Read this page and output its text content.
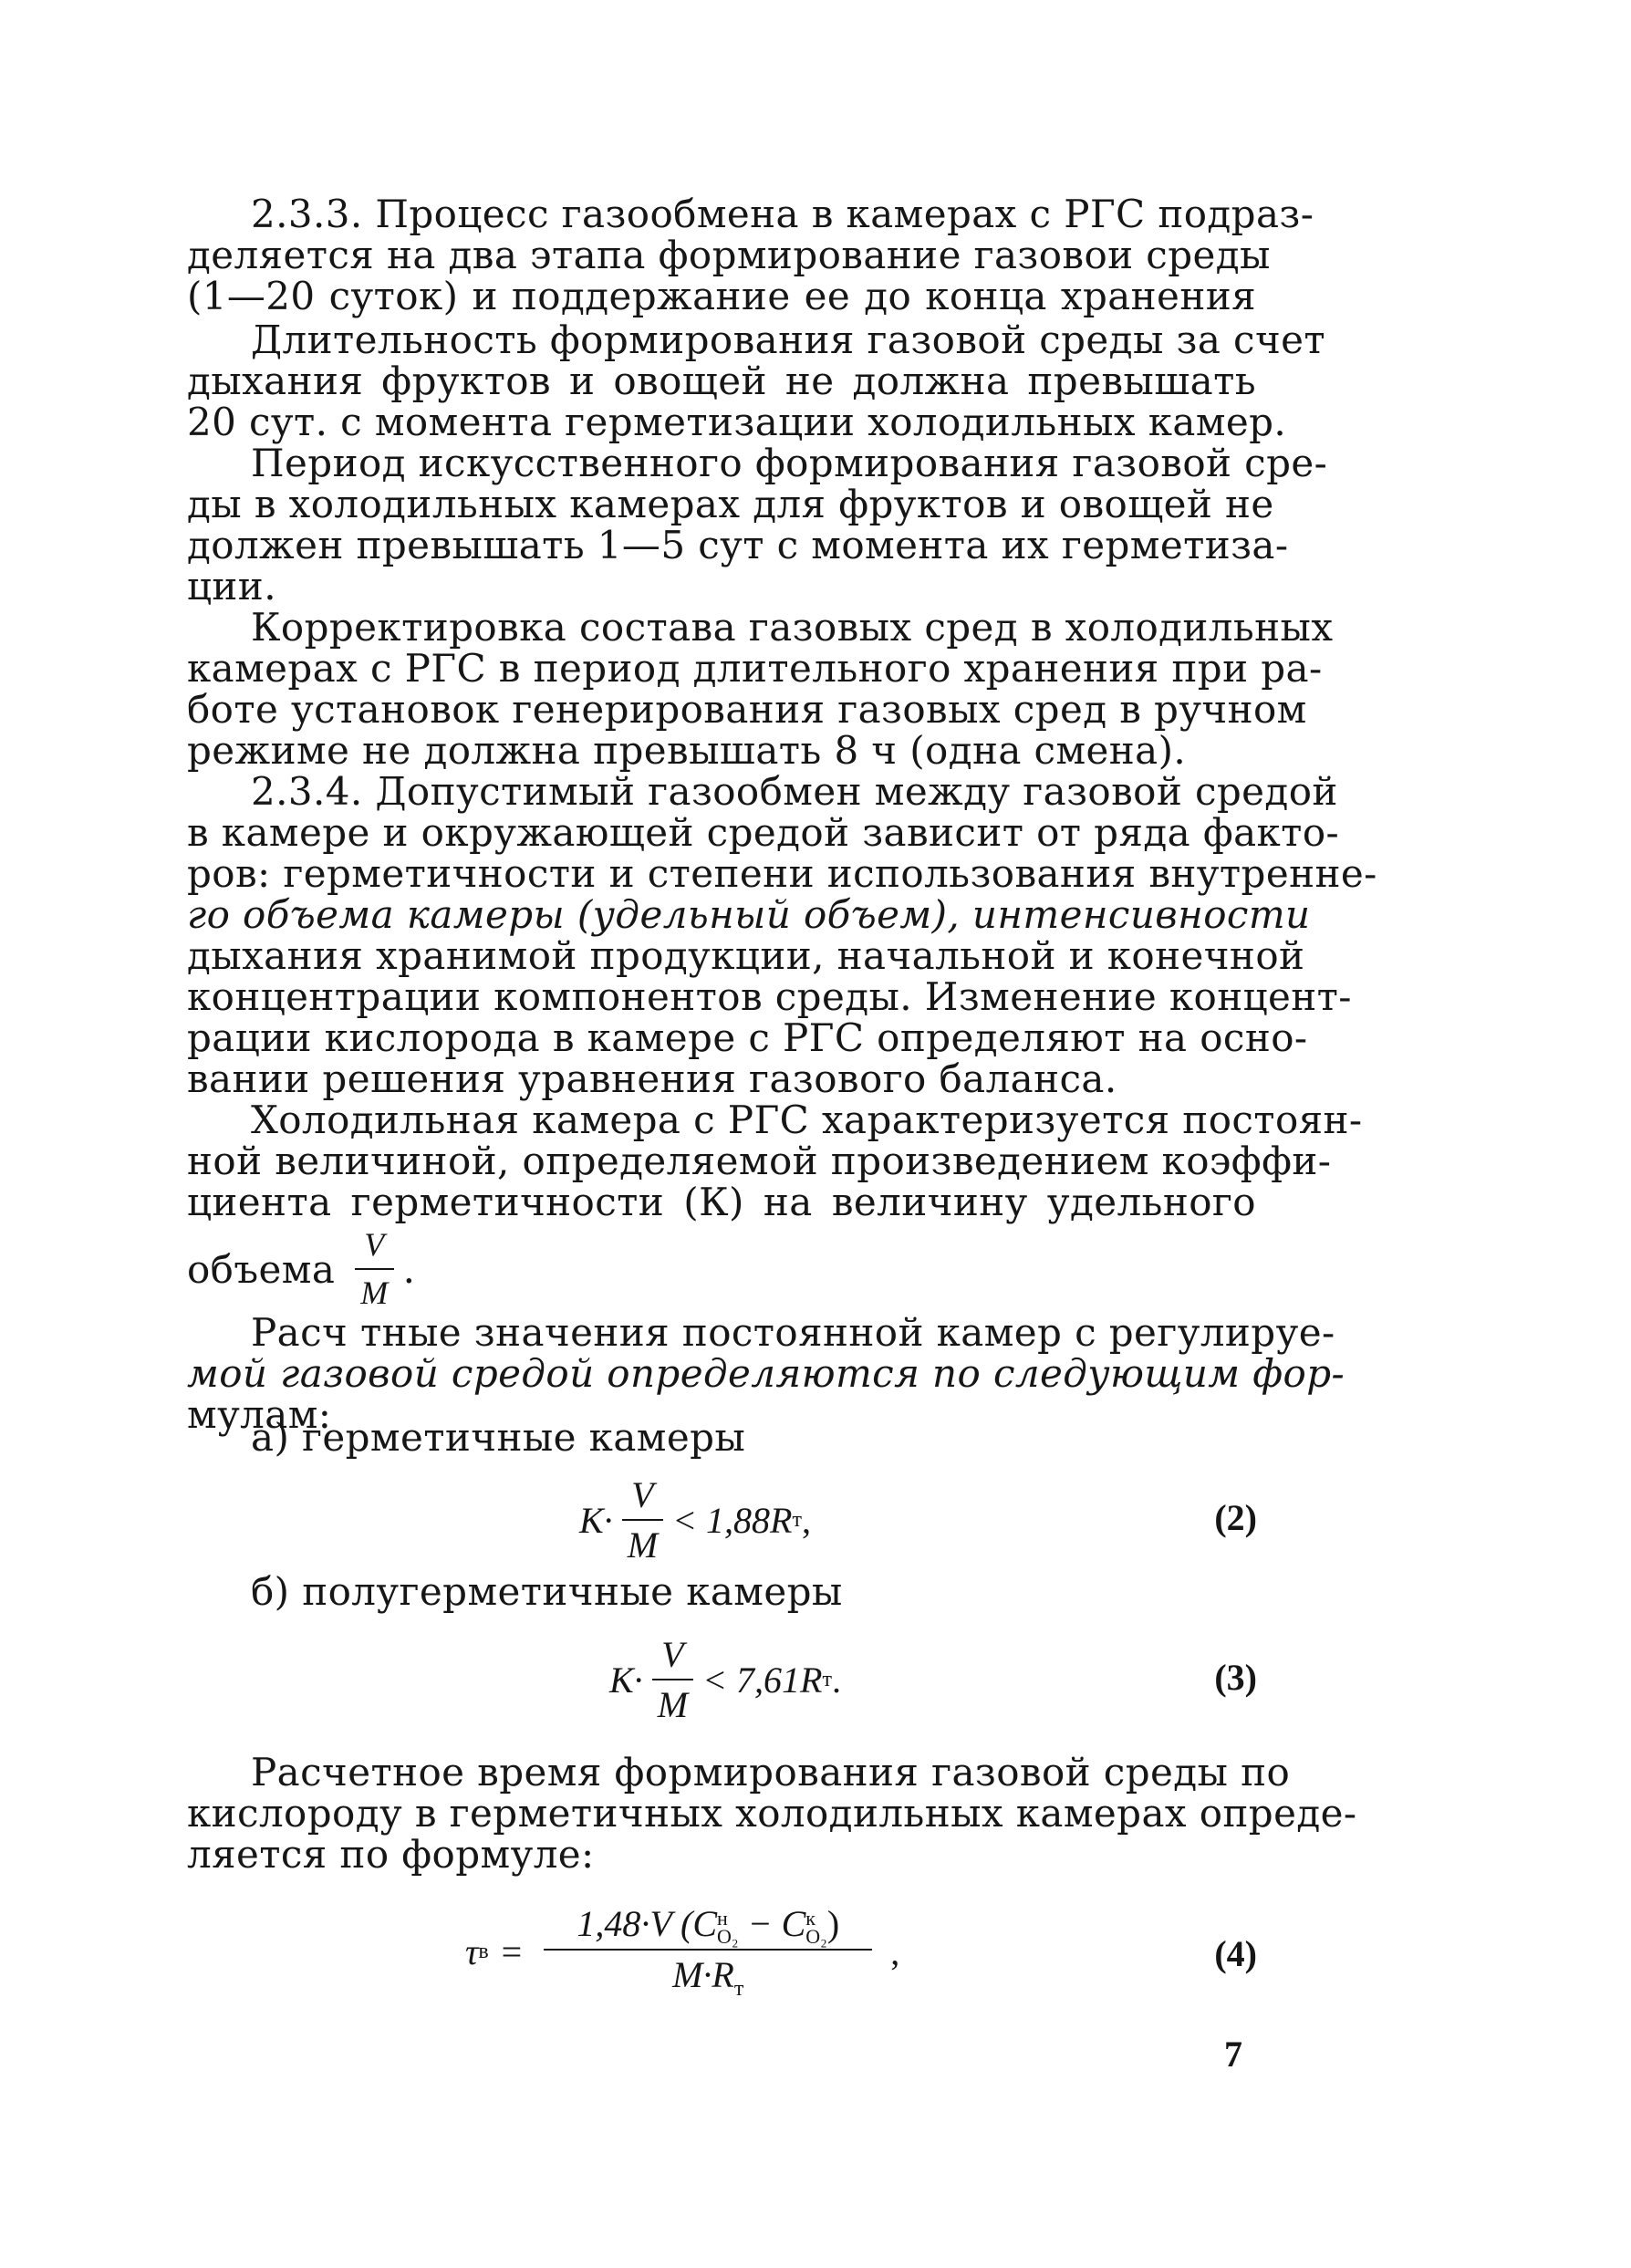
2.3.3. Процесс газообмена в камерах с РГС подраз-
деляется на два этапа формирование газовои среды
(1—20 суток) и поддержание ее до конца хранения
Длительность формирования газовой среды за счет
дыхания фруктов и овощей не должна превышать
20 сут. с момента герметизации холодильных камер.
Период искусственного формирования газовой сре-
ды в холодильных камерах для фруктов и овощей не
должен превышать 1—5 сут с момента их герметиза-
ции.
Корректировка состава газовых сред в холодильных
камерах с РГС в период длительного хранения при ра-
боте установок генерирования газовых сред в ручном
режиме не должна превышать 8 ч (одна смена).
2.3.4. Допустимый газообмен между газовой средой
в камере и окружающей средой зависит от ряда факто-
ров: герметичности и степени использования внутренне-
го объема камеры (удельный объем), интенсивности
дыхания хранимой продукции, начальной и конечной
концентрации компонентов среды. Изменение концент-
рации кислорода в камере с РГС определяют на осно-
вании решения уравнения газового баланса.
Холодильная камера с РГС характеризуется постоян-
ной величиной, определяемой произведением коэффи-
циента герметичности (К) на величину удельного
объема $\frac{V}{M}$ .
Расч тные значения постоянной камер с регулируе-
мой газовой средой определяются по следующим фор-
мулам:
а) герметичные камеры
$K\cdot \frac{V}{M} < 1,88R$ т ,	(2)
б) полугерметичные камеры
$K\cdot \frac{V}{M} < 7,61R$ т .	(3)
Расчетное время формирования газовой среды по
кислороду в герметичных холодильных камерах опреде-
ляется по формуле:
τ в = 1,48·V (C н
O₂ − C к
O₂ )
$M\cdot R_т$ ,	(4)
7
